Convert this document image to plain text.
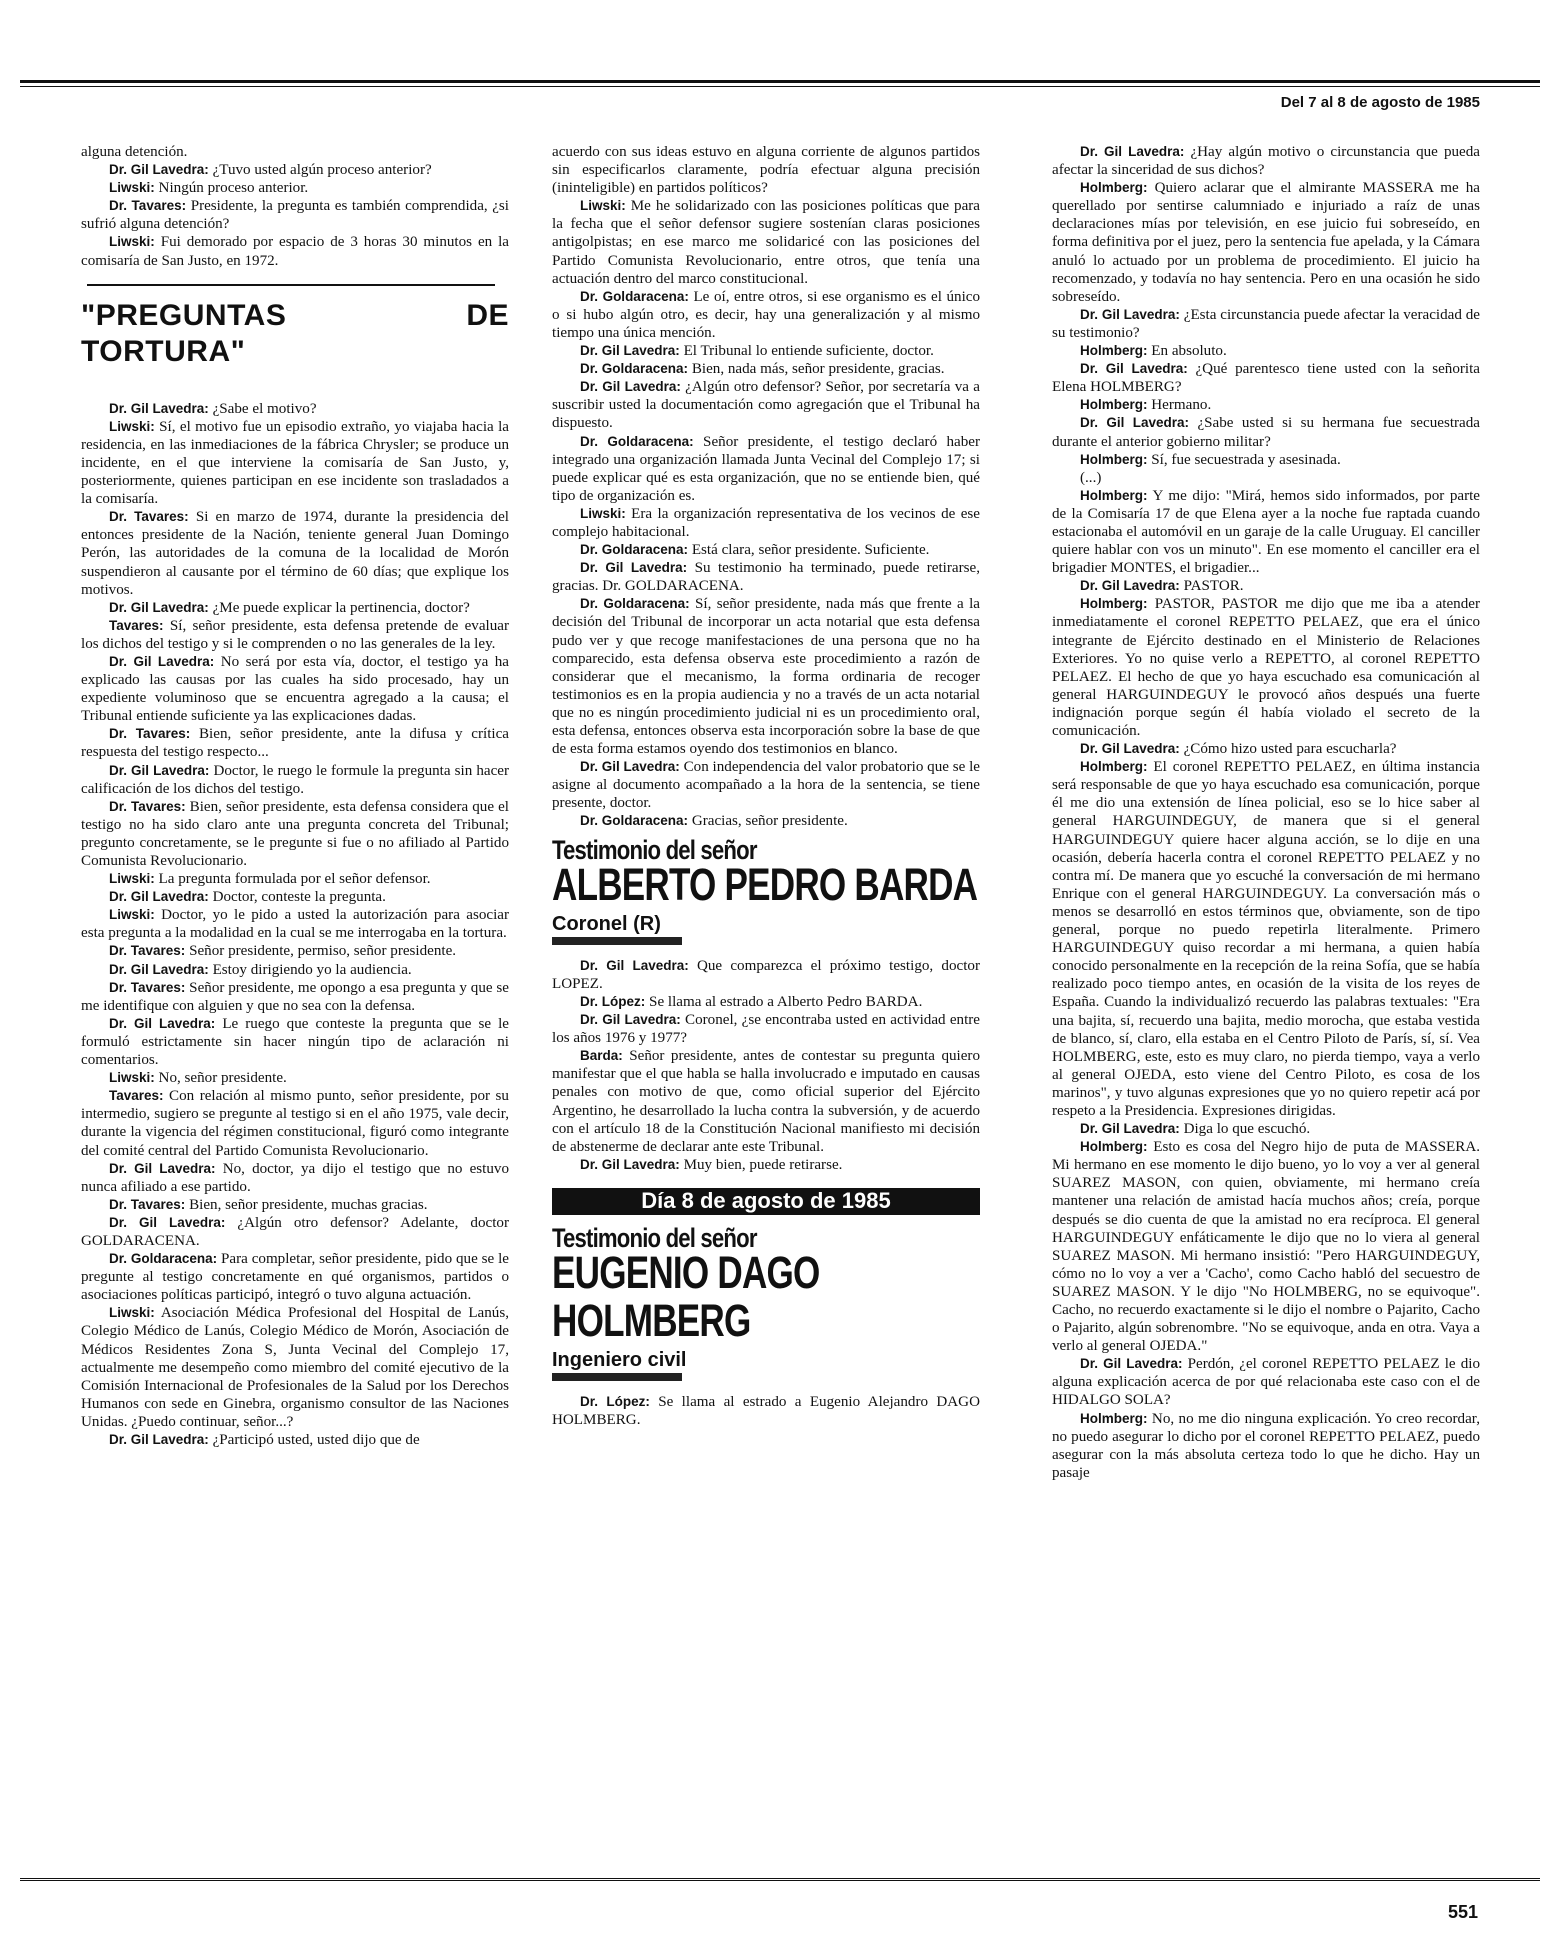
Del 7 al 8 de agosto de 1985

alguna detención.

Dr. Gil Lavedra: ¿Tuvo usted algún proceso anterior?

Liwski: Ningún proceso anterior.

Dr. Tavares: Presidente, la pregunta es también comprendida, ¿si sufrió alguna detención?

Liwski: Fui demorado por espacio de 3 horas 30 minutos en la comisaría de San Justo, en 1972.

"PREGUNTAS DE TORTURA"

Dr. Gil Lavedra: ¿Sabe el motivo?

Liwski: Sí, el motivo fue un episodio extraño, yo viajaba hacia la residencia, en las inmediaciones de la fábrica Chrysler; se produce un incidente, en el que interviene la comisaría de San Justo, y, posteriormente, quienes participan en ese incidente son trasladados a la comisaría.

Dr. Tavares: Si en marzo de 1974, durante la presidencia del entonces presidente de la Nación, teniente general Juan Domingo Perón, las autoridades de la comuna de la localidad de Morón suspendieron al causante por el término de 60 días; que explique los motivos.

Dr. Gil Lavedra: ¿Me puede explicar la pertinencia, doctor?

Tavares: Sí, señor presidente, esta defensa pretende de evaluar los dichos del testigo y si le comprenden o no las generales de la ley.

Dr. Gil Lavedra: No será por esta vía, doctor, el testigo ya ha explicado las causas por las cuales ha sido procesado, hay un expediente voluminoso que se encuentra agregado a la causa; el Tribunal entiende suficiente ya las explicaciones dadas.

Dr. Tavares: Bien, señor presidente, ante la difusa y crítica respuesta del testigo respecto...

Dr. Gil Lavedra: Doctor, le ruego le formule la pregunta sin hacer calificación de los dichos del testigo.

Dr. Tavares: Bien, señor presidente, esta defensa considera que el testigo no ha sido claro ante una pregunta concreta del Tribunal; pregunto concretamente, se le pregunte si fue o no afiliado al Partido Comunista Revolucionario.

Liwski: La pregunta formulada por el señor defensor.

Dr. Gil Lavedra: Doctor, conteste la pregunta.

Liwski: Doctor, yo le pido a usted la autorización para asociar esta pregunta a la modalidad en la cual se me interrogaba en la tortura.

Dr. Tavares: Señor presidente, permiso, señor presidente.

Dr. Gil Lavedra: Estoy dirigiendo yo la audiencia.

Dr. Tavares: Señor presidente, me opongo a esa pregunta y que se me identifique con alguien y que no sea con la defensa.

Dr. Gil Lavedra: Le ruego que conteste la pregunta que se le formuló estrictamente sin hacer ningún tipo de aclaración ni comentarios.

Liwski: No, señor presidente.

Tavares: Con relación al mismo punto, señor presidente, por su intermedio, sugiero se pregunte al testigo si en el año 1975, vale decir, durante la vigencia del régimen constitucional, figuró como integrante del comité central del Partido Comunista Revolucionario.

Dr. Gil Lavedra: No, doctor, ya dijo el testigo que no estuvo nunca afiliado a ese partido.

Dr. Tavares: Bien, señor presidente, muchas gracias.

Dr. Gil Lavedra: ¿Algún otro defensor? Adelante, doctor GOLDARACENA.

Dr. Goldaracena: Para completar, señor presidente, pido que se le pregunte al testigo concretamente en qué organismos, partidos o asociaciones políticas participó, integró o tuvo alguna actuación.

Liwski: Asociación Médica Profesional del Hospital de Lanús, Colegio Médico de Lanús, Colegio Médico de Morón, Asociación de Médicos Residentes Zona S, Junta Vecinal del Complejo 17, actualmente me desempeño como miembro del comité ejecutivo de la Comisión Internacional de Profesionales de la Salud por los Derechos Humanos con sede en Ginebra, organismo consultor de las Naciones Unidas. ¿Puedo continuar, señor...?

Dr. Gil Lavedra: ¿Participó usted, usted dijo que de

acuerdo con sus ideas estuvo en alguna corriente de algunos partidos sin especificarlos claramente, podría efectuar alguna precisión (ininteligible) en partidos políticos?

Liwski: Me he solidarizado con las posiciones políticas que para la fecha que el señor defensor sugiere sostenían claras posiciones antigolpistas; en ese marco me solidaricé con las posiciones del Partido Comunista Revolucionario, entre otros, que tenía una actuación dentro del marco constitucional.

Dr. Goldaracena: Le oí, entre otros, si ese organismo es el único o si hubo algún otro, es decir, hay una generalización y al mismo tiempo una única mención.

Dr. Gil Lavedra: El Tribunal lo entiende suficiente, doctor.

Dr. Goldaracena: Bien, nada más, señor presidente, gracias.

Dr. Gil Lavedra: ¿Algún otro defensor? Señor, por secretaría va a suscribir usted la documentación como agregación que el Tribunal ha dispuesto.

Dr. Goldaracena: Señor presidente, el testigo declaró haber integrado una organización llamada Junta Vecinal del Complejo 17; si puede explicar qué es esta organización, que no se entiende bien, qué tipo de organización es.

Liwski: Era la organización representativa de los vecinos de ese complejo habitacional.

Dr. Goldaracena: Está clara, señor presidente. Suficiente.

Dr. Gil Lavedra: Su testimonio ha terminado, puede retirarse, gracias. Dr. GOLDARACENA.

Dr. Goldaracena: Sí, señor presidente, nada más que frente a la decisión del Tribunal de incorporar un acta notarial que esta defensa pudo ver y que recoge manifestaciones de una persona que no ha comparecido, esta defensa observa este procedimiento a razón de considerar que el mecanismo, la forma ordinaria de recoger testimonios es en la propia audiencia y no a través de un acta notarial que no es ningún procedimiento judicial ni es un procedimiento oral, esta defensa, entonces observa esta incorporación sobre la base de que de esta forma estamos oyendo dos testimonios en blanco.

Dr. Gil Lavedra: Con independencia del valor probatorio que se le asigne al documento acompañado a la hora de la sentencia, se tiene presente, doctor.

Dr. Goldaracena: Gracias, señor presidente.

Testimonio del señor
ALBERTO PEDRO BARDA
Coronel (R)

Dr. Gil Lavedra: Que comparezca el próximo testigo, doctor LOPEZ.

Dr. López: Se llama al estrado a Alberto Pedro BARDA.

Dr. Gil Lavedra: Coronel, ¿se encontraba usted en actividad entre los años 1976 y 1977?

Barda: Señor presidente, antes de contestar su pregunta quiero manifestar que el que habla se halla involucrado e imputado en causas penales con motivo de que, como oficial superior del Ejército Argentino, he desarrollado la lucha contra la subversión, y de acuerdo con el artículo 18 de la Constitución Nacional manifiesto mi decisión de abstenerme de declarar ante este Tribunal.

Dr. Gil Lavedra: Muy bien, puede retirarse.

Día 8 de agosto de 1985
Testimonio del señor
EUGENIO DAGO
HOLMBERG
Ingeniero civil

Dr. López: Se llama al estrado a Eugenio Alejandro DAGO HOLMBERG.

Dr. Gil Lavedra: ¿Hay algún motivo o circunstancia que pueda afectar la sinceridad de sus dichos?

Holmberg: Quiero aclarar que el almirante MASSERA me ha querellado por sentirse calumniado e injuriado a raíz de unas declaraciones mías por televisión, en ese juicio fui sobreseído, en forma definitiva por el juez, pero la sentencia fue apelada, y la Cámara anuló lo actuado por un problema de procedimiento. El juicio ha recomenzado, y todavía no hay sentencia. Pero en una ocasión he sido sobreseído.

Dr. Gil Lavedra: ¿Esta circunstancia puede afectar la veracidad de su testimonio?

Holmberg: En absoluto.

Dr. Gil Lavedra: ¿Qué parentesco tiene usted con la señorita Elena HOLMBERG?

Holmberg: Hermano.

Dr. Gil Lavedra: ¿Sabe usted si su hermana fue secuestrada durante el anterior gobierno militar?

Holmberg: Sí, fue secuestrada y asesinada.

(...)

Holmberg: Y me dijo: "Mirá, hemos sido informados, por parte de la Comisaría 17 de que Elena ayer a la noche fue raptada cuando estacionaba el automóvil en un garaje de la calle Uruguay. El canciller quiere hablar con vos un minuto". En ese momento el canciller era el brigadier MONTES, el brigadier...

Dr. Gil Lavedra: PASTOR.

Holmberg: PASTOR, PASTOR me dijo que me iba a atender inmediatamente el coronel REPETTO PELAEZ, que era el único integrante de Ejército destinado en el Ministerio de Relaciones Exteriores. Yo no quise verlo a REPETTO, al coronel REPETTO PELAEZ. El hecho de que yo haya escuchado esa comunicación al general HARGUINDEGUY le provocó años después una fuerte indignación porque según él había violado el secreto de la comunicación.

Dr. Gil Lavedra: ¿Cómo hizo usted para escucharla?

Holmberg: El coronel REPETTO PELAEZ, en última instancia será responsable de que yo haya escuchado esa comunicación, porque él me dio una extensión de línea policial, eso se lo hice saber al general HARGUINDEGUY, de manera que si el general HARGUINDEGUY quiere hacer alguna acción, se lo dije en una ocasión, debería hacerla contra el coronel REPETTO PELAEZ y no contra mí. De manera que yo escuché la conversación de mi hermano Enrique con el general HARGUINDEGUY. La conversación más o menos se desarrolló en estos términos que, obviamente, son de tipo general, porque no puedo repetirla literalmente. Primero HARGUINDEGUY quiso recordar a mi hermana, a quien había conocido personalmente en la recepción de la reina Sofía, que se había realizado poco tiempo antes, en ocasión de la visita de los reyes de España. Cuando la individualizó recuerdo las palabras textuales: "Era una bajita, sí, recuerdo una bajita, medio morocha, que estaba vestida de blanco, sí, claro, ella estaba en el Centro Piloto de París, sí, sí. Vea HOLMBERG, este, esto es muy claro, no pierda tiempo, vaya a verlo al general OJEDA, esto viene del Centro Piloto, es cosa de los marinos", y tuvo algunas expresiones que yo no quiero repetir acá por respeto a la Presidencia. Expresiones dirigidas.

Dr. Gil Lavedra: Diga lo que escuchó.

Holmberg: Esto es cosa del Negro hijo de puta de MASSERA. Mi hermano en ese momento le dijo bueno, yo lo voy a ver al general SUAREZ MASON, con quien, obviamente, mi hermano creía mantener una relación de amistad hacía muchos años; creía, porque después se dio cuenta de que la amistad no era recíproca. El general HARGUINDEGUY enfáticamente le dijo que no lo viera al general SUAREZ MASON. Mi hermano insistió: "Pero HARGUINDEGUY, cómo no lo voy a ver a 'Cacho', como Cacho habló del secuestro de SUAREZ MASON. Y le dijo "No HOLMBERG, no se equivoque". Cacho, no recuerdo exactamente si le dijo el nombre o Pajarito, Cacho o Pajarito, algún sobrenombre. "No se equivoque, anda en otra. Vaya a verlo al general OJEDA."

Dr. Gil Lavedra: Perdón, ¿el coronel REPETTO PELAEZ le dio alguna explicación acerca de por qué relacionaba este caso con el de HIDALGO SOLA?

Holmberg: No, no me dio ninguna explicación. Yo creo recordar, no puedo asegurar lo dicho por el coronel REPETTO PELAEZ, puedo asegurar con la más absoluta certeza todo lo que he dicho. Hay un pasaje

551
